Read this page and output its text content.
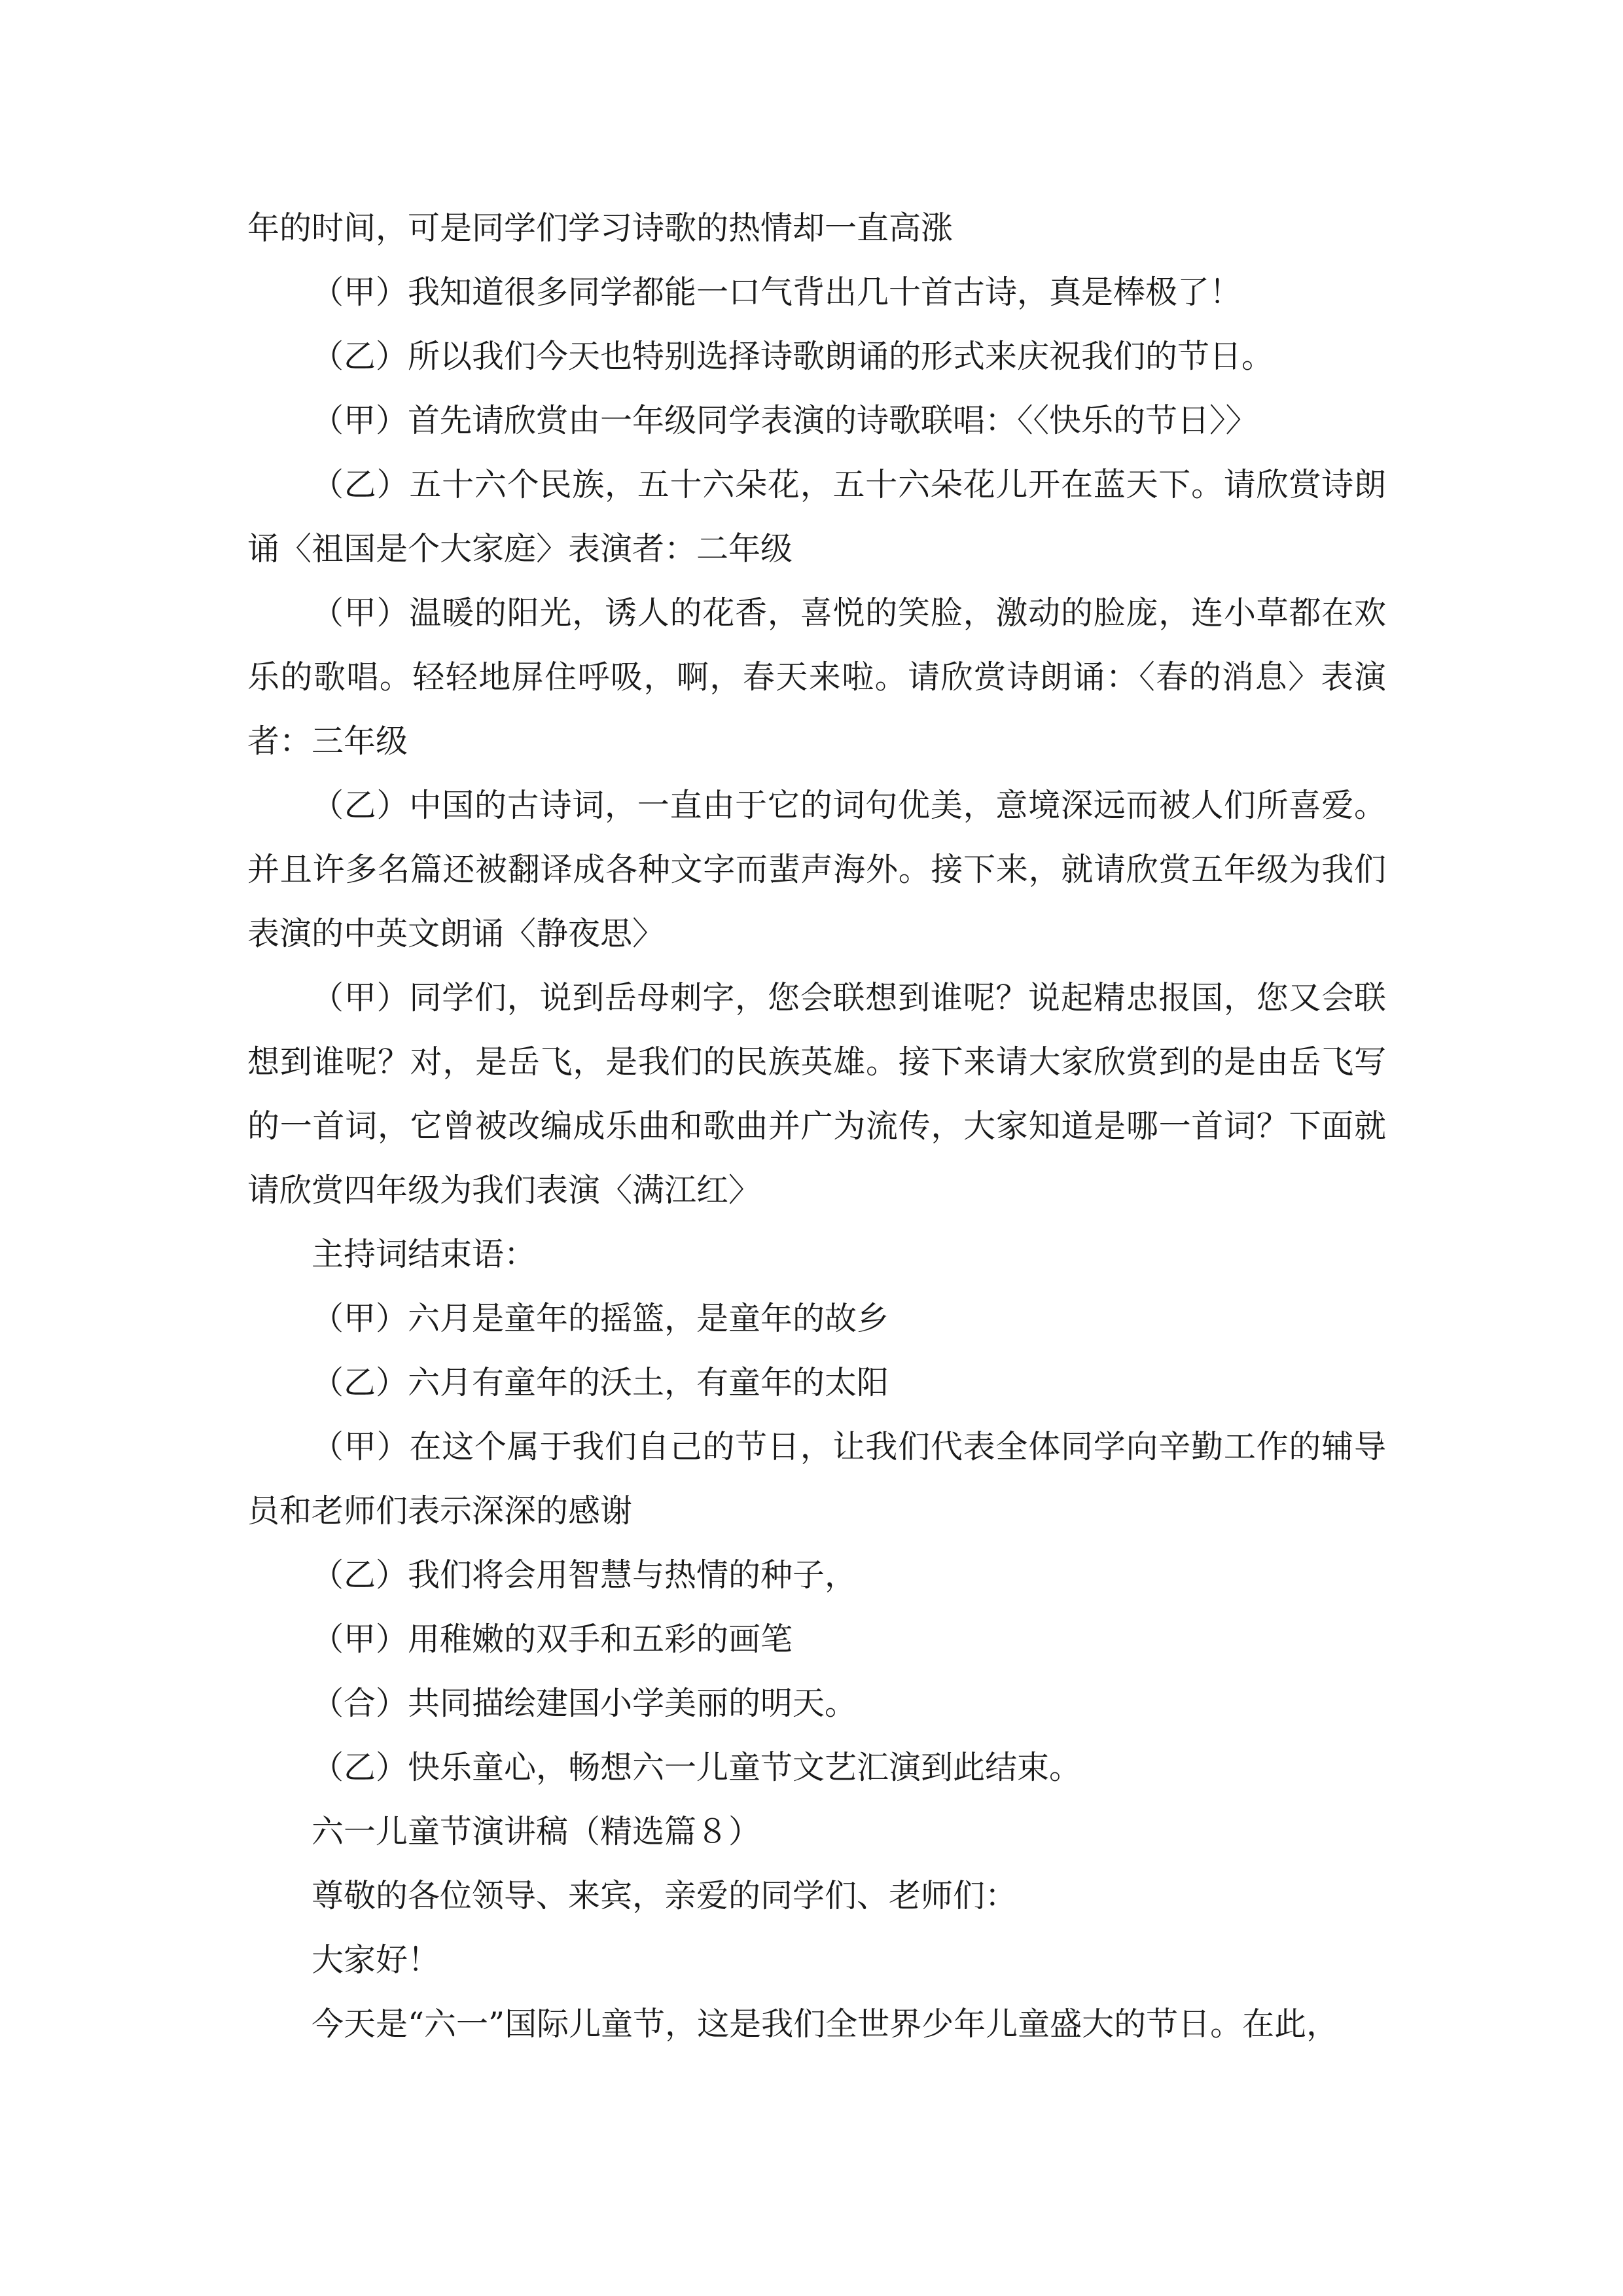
年的时间，可是同学们学习诗歌的热情却一直高涨

（甲）我知道很多同学都能一口气背出几十首古诗，真是棒极了！

（乙）所以我们今天也特别选择诗歌朗诵的形式来庆祝我们的节日。

（甲）首先请欣赏由一年级同学表演的诗歌联唱：〈〈快乐的节日〉〉

（乙）五十六个民族，五十六朵花，五十六朵花儿开在蓝天下。请欣赏诗朗诵〈祖国是个大家庭〉表演者：二年级

（甲）温暖的阳光，诱人的花香，喜悦的笑脸，激动的脸庞，连小草都在欢乐的歌唱。轻轻地屏住呼吸，啊，春天来啦。请欣赏诗朗诵：〈春的消息〉表演者：三年级

（乙）中国的古诗词，一直由于它的词句优美，意境深远而被人们所喜爱。并且许多名篇还被翻译成各种文字而蜚声海外。接下来，就请欣赏五年级为我们表演的中英文朗诵〈静夜思〉

（甲）同学们，说到岳母刺字，您会联想到谁呢？说起精忠报国，您又会联想到谁呢？对，是岳飞，是我们的民族英雄。接下来请大家欣赏到的是由岳飞写的一首词，它曾被改编成乐曲和歌曲并广为流传，大家知道是哪一首词？下面就请欣赏四年级为我们表演〈满江红〉

主持词结束语：

（甲）六月是童年的摇篮，是童年的故乡

（乙）六月有童年的沃土，有童年的太阳

（甲）在这个属于我们自己的节日，让我们代表全体同学向辛勤工作的辅导员和老师们表示深深的感谢

（乙）我们将会用智慧与热情的种子，

（甲）用稚嫩的双手和五彩的画笔

（合）共同描绘建国小学美丽的明天。

（乙）快乐童心，畅想六一儿童节文艺汇演到此结束。

六一儿童节演讲稿（精选篇８）

尊敬的各位领导、来宾，亲爱的同学们、老师们：

大家好！

今天是“六一”国际儿童节，这是我们全世界少年儿童盛大的节日。在此，
